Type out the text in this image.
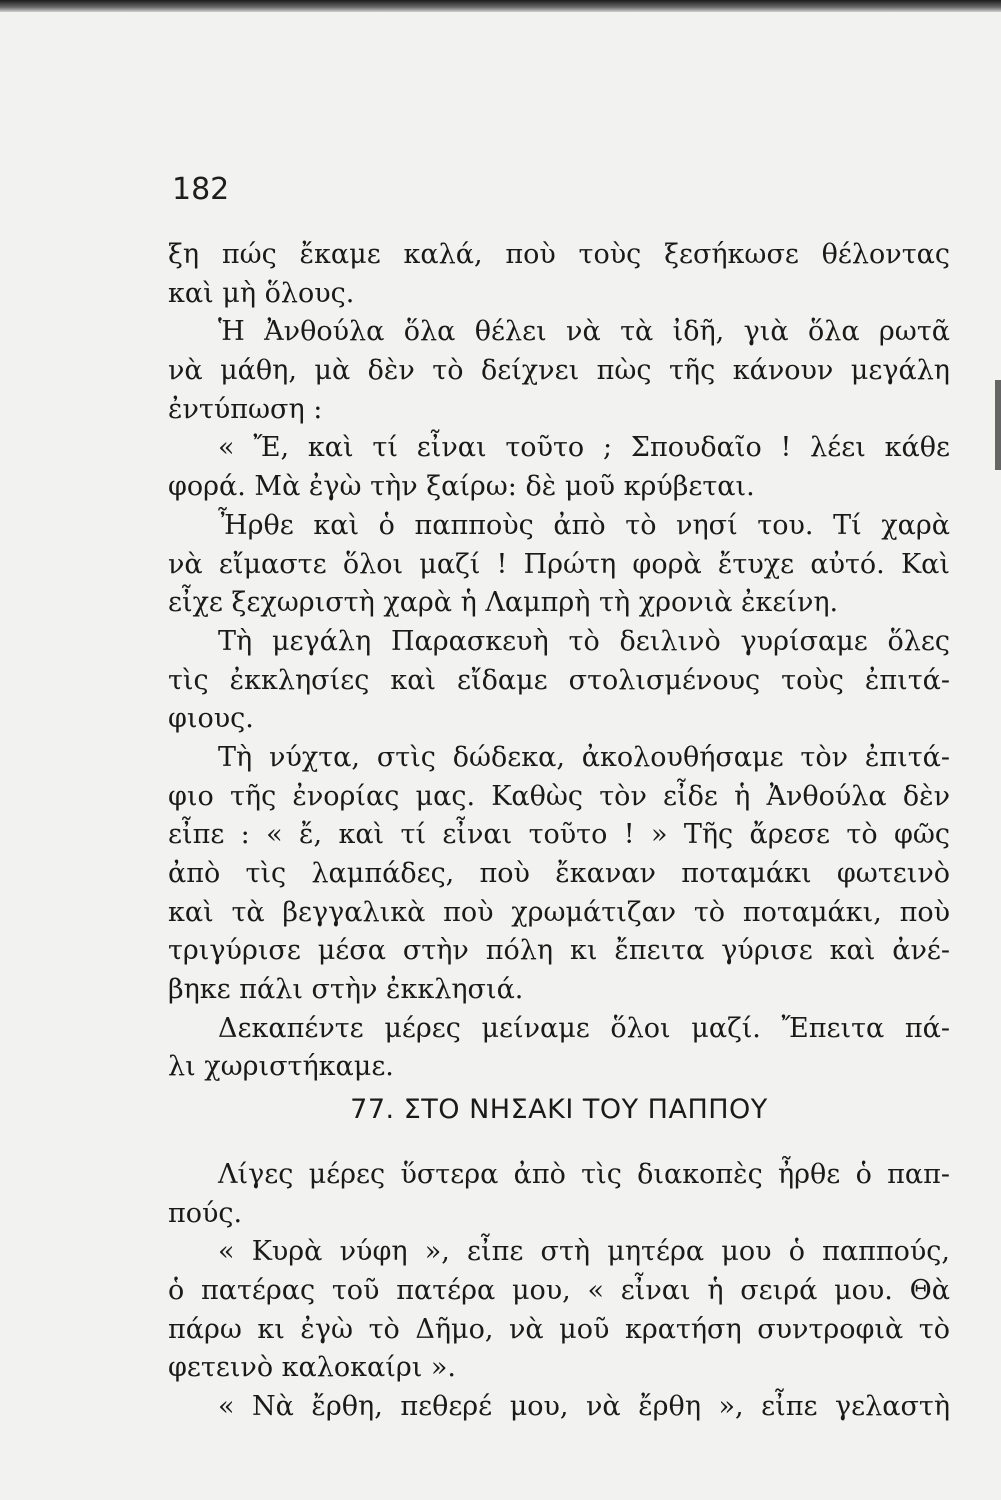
182
ξη πώς ἔκαμε καλά, ποὺ τοὺς ξεσήκωσε θέλοντας
καὶ μὴ ὅλους.
Ἡ Ἀνθούλα ὅλα θέλει νὰ τὰ ἰδῆ, γιὰ ὅλα ρωτᾶ
νὰ μάθη, μὰ δὲν τὸ δείχνει πὼς τῆς κάνουν μεγάλη
ἐντύπωση :
« Ἔ, καὶ τί εἶναι τοῦτο ; Σπουδαῖο ! λέει κάθε
φορά. Μὰ ἐγὼ τὴν ξαίρω: δὲ μοῦ κρύβεται.
Ἦρθε καὶ ὁ παπποὺς ἀπὸ τὸ νησί του. Τί χαρὰ
νὰ εἴμαστε ὅλοι μαζί ! Πρώτη φορὰ ἔτυχε αὐτό. Καὶ
εἶχε ξεχωριστὴ χαρὰ ἡ Λαμπρὴ τὴ χρονιὰ ἐκείνη.
Τὴ μεγάλη Παρασκευὴ τὸ δειλινὸ γυρίσαμε ὅλες
τὶς ἐκκλησίες καὶ εἴδαμε στολισμένους τοὺς ἐπιτά-
φιους.
Τὴ νύχτα, στὶς δώδεκα, ἀκολουθήσαμε τὸν ἐπιτά-
φιο τῆς ἐνορίας μας. Καθὼς τὸν εἶδε ἡ Ἀνθούλα δὲν
εἶπε : « ἔ, καὶ τί εἶναι τοῦτο ! » Τῆς ἄρεσε τὸ φῶς
ἀπὸ τὶς λαμπάδες, ποὺ ἔκαναν ποταμάκι φωτεινὸ
καὶ τὰ βεγγαλικὰ ποὺ χρωμάτιζαν τὸ ποταμάκι, ποὺ
τριγύρισε μέσα στὴν πόλη κι ἔπειτα γύρισε καὶ ἀνέ-
βηκε πάλι στὴν ἐκκλησιά.
Δεκαπέντε μέρες μείναμε ὅλοι μαζί. Ἔπειτα πά-
λι χωριστήκαμε.
77. ΣΤΟ ΝΗΣΑΚΙ ΤΟΥ ΠΑΠΠΟΥ
Λίγες μέρες ὕστερα ἀπὸ τὶς διακοπὲς ἦρθε ὁ παπ-
πούς.
« Κυρὰ νύφη », εἶπε στὴ μητέρα μου ὁ παππούς,
ὁ πατέρας τοῦ πατέρα μου, « εἶναι ἡ σειρά μου. Θὰ
πάρω κι ἐγὼ τὸ Δῆμο, νὰ μοῦ κρατήση συντροφιὰ τὸ
φετεινὸ καλοκαίρι ».
« Νὰ ἔρθη, πεθερέ μου, νὰ ἔρθη », εἶπε γελαστὴ
